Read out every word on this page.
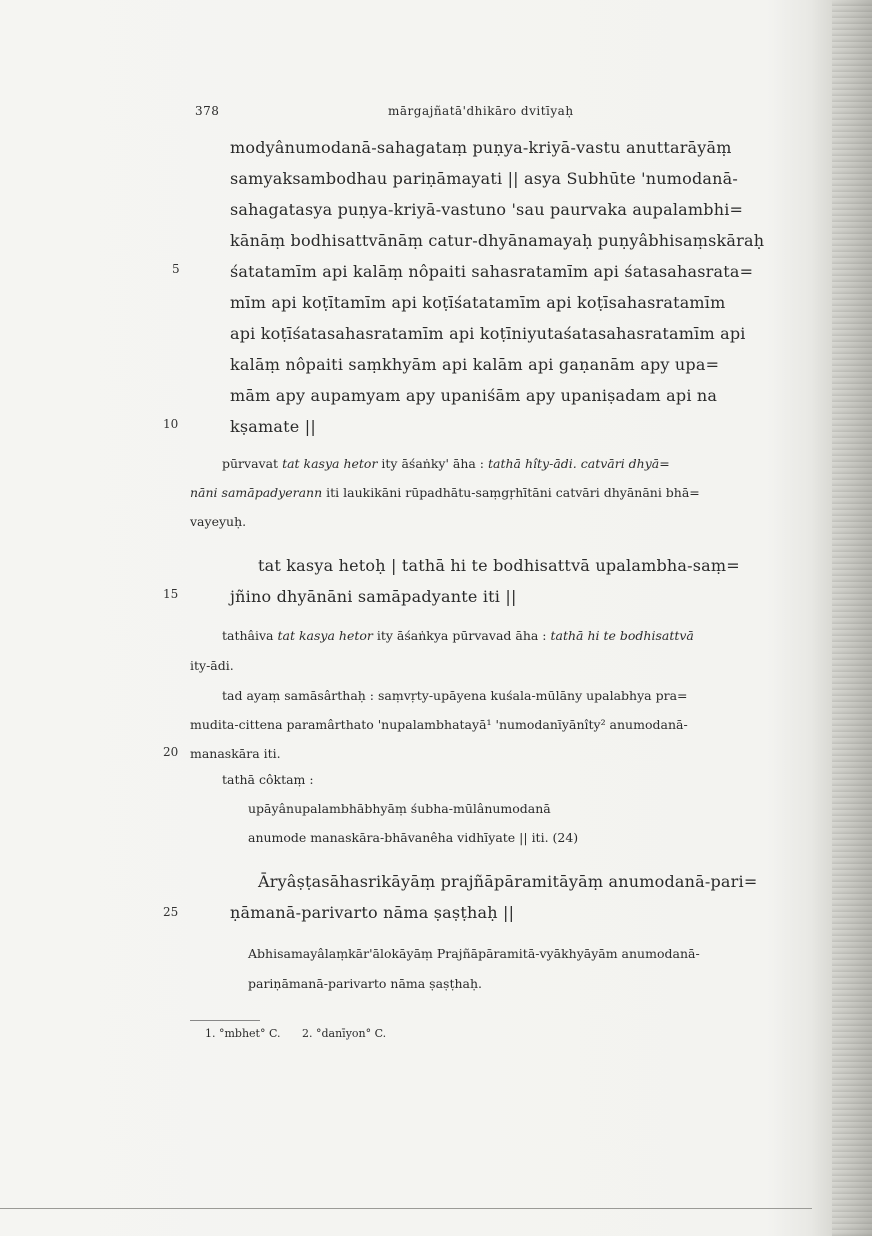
378	mārgajñatā'dhikāro dvitīyaḥ
5
10
15
20
25
modyânumodanā-sahagataṃ puṇya-kriyā-vastu anuttarāyāṃ
samyaksambodhau pariṇāmayati || asya Subhūte 'numodanā-
sahagatasya puṇya-kriyā-vastuno 'sau paurvaka aupalambhi=
kānāṃ bodhisattvānāṃ catur-dhyānamayaḥ puṇyâbhisaṃskāraḥ
śatatamīm api kalāṃ nôpaiti sahasratamīm api śatasahasrata=
mīm api koṭītamīm api koṭīśatatamīm api koṭīsahasratamīm
api koṭīśatasahasratamīm api koṭīniyutaśatasahasratamīm api
kalāṃ nôpaiti saṃkhyām api kalām api gaṇanām apy upa=
mām apy aupamyam apy upaniśām apy upaniṣadam api na
kṣamate ||
pūrvavat tat kasya hetor ity āśaṅky' āha : tathā hîty-ādi. catvāri dhyā=
nāni samāpadyerann iti laukikāni rūpadhātu-saṃgṛhītāni catvāri dhyānāni bhā=
vayeyuḥ.
tat kasya hetoḥ | tathā hi te bodhisattvā upalambha-saṃ=
jñino dhyānāni samāpadyante iti ||
tathâiva tat kasya hetor ity āśaṅkya pūrvavad āha : tathā hi te bodhisattvā
ity-ādi.
tad ayaṃ samāsârthaḥ : saṃvṛty-upāyena kuśala-mūlāny upalabhya pra=
mudita-cittena paramârthato 'nupalambhatayā¹ 'numodanīyānîty² anumodanā-
manaskāra iti.
tathā côktaṃ :
upāyânupalambhābhyāṃ śubha-mūlânumodanā
anumode manaskāra-bhāvanêha vidhīyate || iti. (24)
Āryâṣṭasāhasrikāyāṃ prajñāpāramitāyāṃ anumodanā-pari=
ṇāmanā-parivarto nāma ṣaṣṭhaḥ ||
Abhisamayâlaṃkār'ālokāyāṃ Prajñāpāramitā-vyākhyāyām anumodanā-
pariṇāmanā-parivarto nāma ṣaṣṭhaḥ.
1. °mbhet° C. 2. °danīyon° C.
